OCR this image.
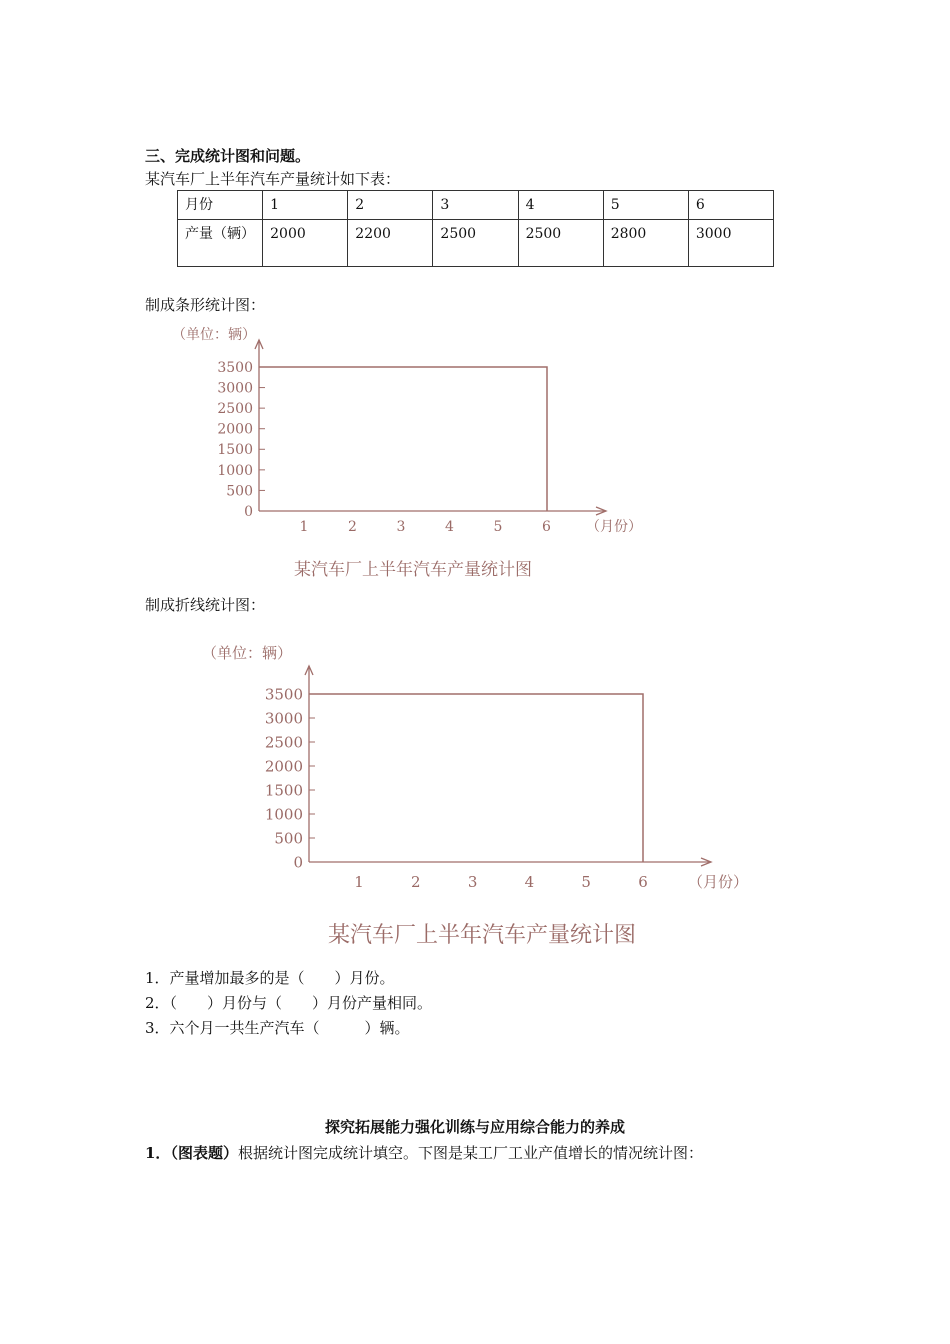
三、完成统计图和问题。
某汽车厂上半年汽车产量统计如下表：
月份	1	2	3	4	5	6
产量（辆）	2000	2200	2500	2500	2800	3000
制成条形统计图：
（单位：辆）
0
500
1000
1500
2000
2500
3000
3500
1	2	3	4	5	6	（月份）
某汽车厂上半年汽车产量统计图
制成折线统计图：
（单位：辆）
0
500
1000
1500
2000
2500
3000
3500
1	2	3	4	5	6	（月份）
某汽车厂上半年汽车产量统计图
1．产量增加最多的是（　　）月份。
2．（　　）月份与（　　）月份产量相同。
3．六个月一共生产汽车（　　　）辆。
探究拓展能力强化训练与应用综合能力的养成
1．（图表题）根据统计图完成统计填空。下图是某工厂工业产值增长的情况统计图：
